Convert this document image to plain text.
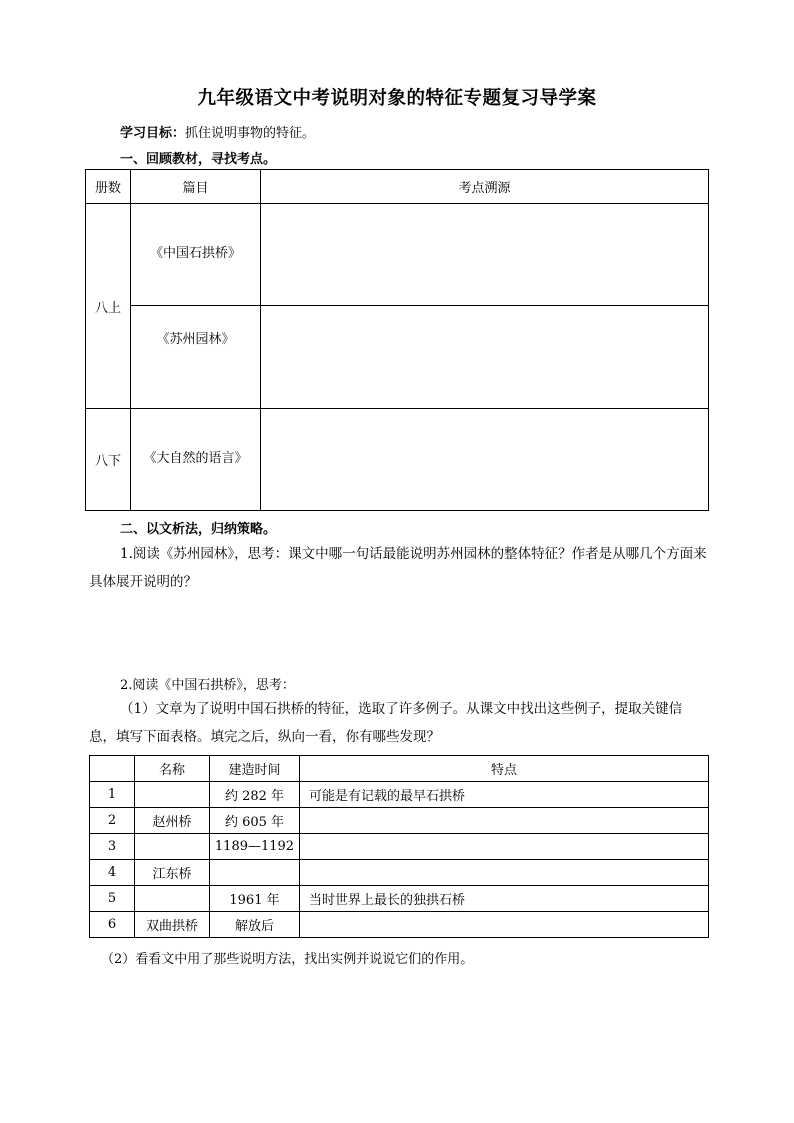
九年级语文中考说明对象的特征专题复习导学案
学习目标：抓住说明事物的特征。
一、回顾教材，寻找考点。
册数	篇目	考点溯源
八上	《中国石拱桥》	
	《苏州园林》	
八下	《大自然的语言》	
二、以文析法，归纳策略。
1.阅读《苏州园林》，思考：课文中哪一句话最能说明苏州园林的整体特征？作者是从哪几个方面来具体展开说明的？
2.阅读《中国石拱桥》，思考：
（1）文章为了说明中国石拱桥的特征，选取了许多例子。从课文中找出这些例子，提取关键信息，填写下面表格。填完之后，纵向一看，你有哪些发现？
	名称	建造时间	特点
1		约 282 年	可能是有记载的最早石拱桥
2	赵州桥	约 605 年	
3		1189—1192	
4	江东桥		
5		1961 年	当时世界上最长的独拱石桥
6	双曲拱桥	解放后	
（2）看看文中用了那些说明方法，找出实例并说说它们的作用。
